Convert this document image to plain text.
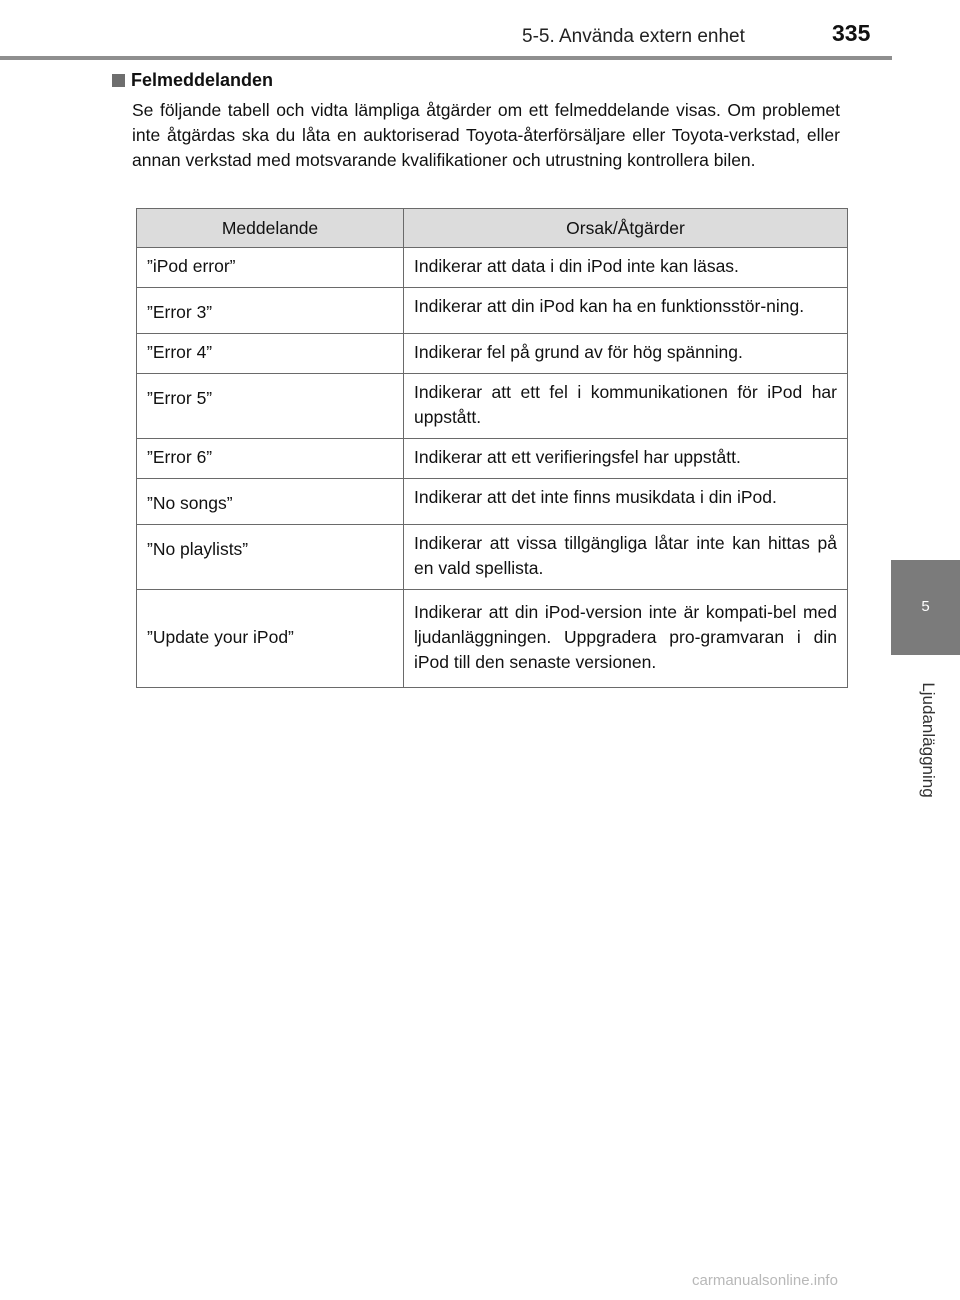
5-5. Använda extern enhet	335
5
Ljudanläggning
Felmeddelanden
Se följande tabell och vidta lämpliga åtgärder om ett felmeddelande visas. Om problemet inte åtgärdas ska du låta en auktoriserad Toyota-återförsäljare eller Toyota-verkstad, eller annan verkstad med motsvarande kvalifikationer och utrustning kontrollera bilen.
Meddelande	Orsak/Åtgärder
”iPod error”	Indikerar att data i din iPod inte kan läsas.
”Error 3”	Indikerar att din iPod kan ha en funktionsstör-ning.
”Error 4”	Indikerar fel på grund av för hög spänning.
”Error 5”	Indikerar att ett fel i kommunikationen för iPod har uppstått.
”Error 6”	Indikerar att ett verifieringsfel har uppstått.
”No songs”	Indikerar att det inte finns musikdata i din iPod.
”No playlists”	Indikerar att vissa tillgängliga låtar inte kan hittas på en vald spellista.
”Update your iPod”	Indikerar att din iPod-version inte är kompati-bel med ljudanläggningen. Uppgradera pro-gramvaran i din iPod till den senaste versionen.
carmanualsonline.info
